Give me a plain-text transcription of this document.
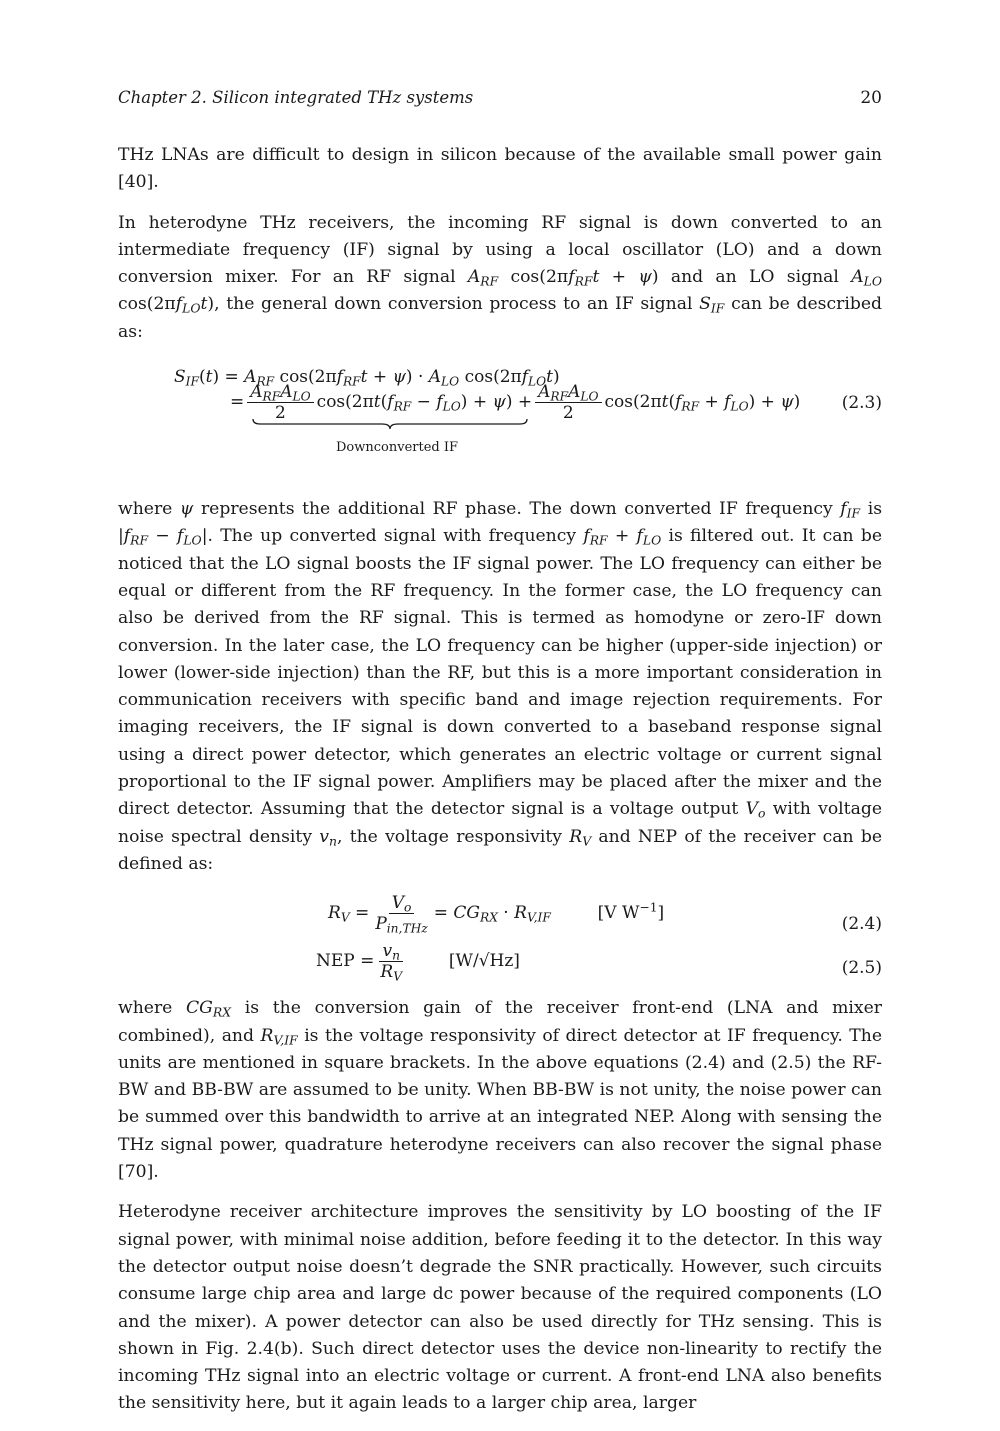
Chapter 2. Silicon integrated THz systems	20

THz LNAs are difficult to design in silicon because of the available small power gain [40].

In heterodyne THz receivers, the incoming RF signal is down converted to an intermediate frequency (IF) signal by using a local oscillator (LO) and a down conversion mixer. For an RF signal $A_{RF}$ $\cos(2\pi f_{RF}t + \psi)$ and an LO signal $A_{LO}$ $\cos(2\pi f_{LO}t)$, the general down conversion process to an IF signal $S_{IF}$ can be described as:

$S_{IF}(t) = A_{RF}$ $\cos(2\pi f_{RF}t + \psi) \cdot A_{LO}$ $\cos(2\pi f_{LO}t)$
= $\frac{A_{RF}A_{LO}}{2} \cos(2\pi t(f_{RF} - f_{LO}) + \psi) + \frac{A_{RF}A_{LO}}{2} \cos(2\pi t(f_{RF} + f_{LO}) + \psi)$
Downconverted IF
(2.3)

where ψ represents the additional RF phase. The down converted IF frequency $f_{IF}$ is $|f_{RF} - f_{LO}|$. The up converted signal with frequency $f_{RF} + f_{LO}$ is filtered out. It can be noticed that the LO signal boosts the IF signal power. The LO frequency can either be equal or different from the RF frequency. In the former case, the LO frequency can also be derived from the RF signal. This is termed as homodyne or zero-IF down conversion. In the later case, the LO frequency can be higher (upper-side injection) or lower (lower-side injection) than the RF, but this is a more important consideration in communication receivers with specific band and image rejection requirements. For imaging receivers, the IF signal is down converted to a baseband response signal using a direct power detector, which generates an electric voltage or current signal proportional to the IF signal power. Amplifiers may be placed after the mixer and the direct detector. Assuming that the detector signal is a voltage output $V_o$ with voltage noise spectral density $v_n$, the voltage responsivity $R_V$ and NEP of the receiver can be defined as:

$R_V = \frac{V_o}{P_{in,THz}} = CG_{RX} \cdot R_{V,IF}$	[V $W^{-1}$]
(2.4)
NEP = $\frac{v_n}{R_V}$	[W/√Hz]	(2.5)

where $CG_{RX}$ is the conversion gain of the receiver front-end (LNA and mixer combined), and $R_{V,IF}$ is the voltage responsivity of direct detector at IF frequency. The units are mentioned in square brackets. In the above equations (2.4) and (2.5) the RF-BW and BB-BW are assumed to be unity. When BB-BW is not unity, the noise power can be summed over this bandwidth to arrive at an integrated NEP. Along with sensing the THz signal power, quadrature heterodyne receivers can also recover the signal phase [70].

Heterodyne receiver architecture improves the sensitivity by LO boosting of the IF signal power, with minimal noise addition, before feeding it to the detector. In this way the detector output noise doesn’t degrade the SNR practically. However, such circuits consume large chip area and large dc power because of the required components (LO and the mixer). A power detector can also be used directly for THz sensing. This is shown in Fig. 2.4(b). Such direct detector uses the device non-linearity to rectify the incoming THz signal into an electric voltage or current. A front-end LNA also benefits the sensitivity here, but it again leads to a larger chip area, larger
